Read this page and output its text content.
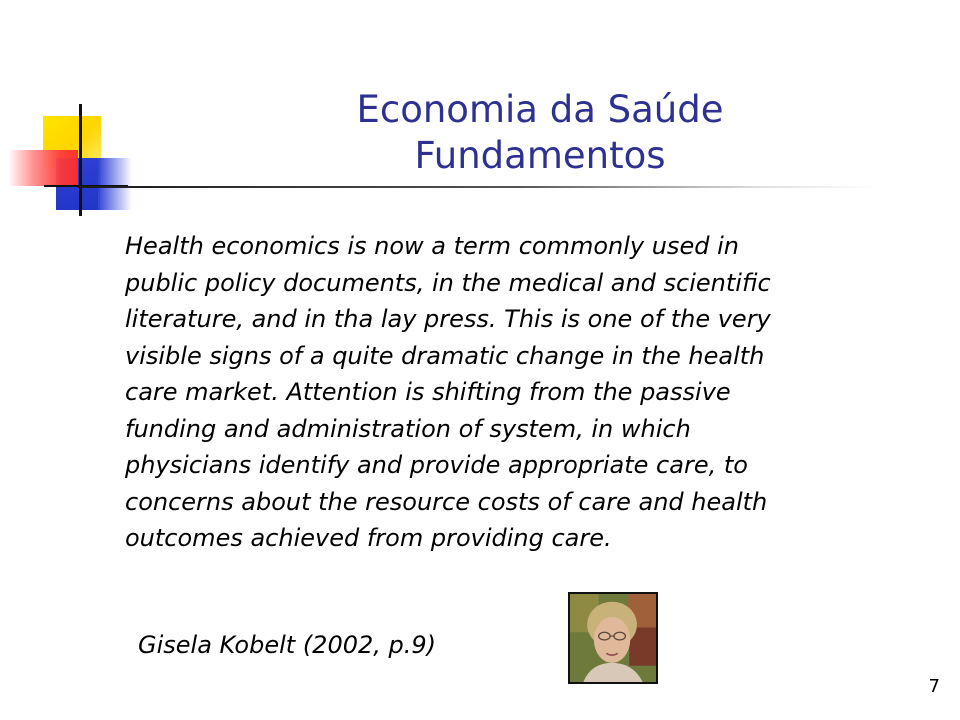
Economia da Saúde
Fundamentos

Health economics is now a term commonly used in
public policy documents, in the medical and scientific
literature, and in tha lay press. This is one of the very
visible signs of a quite dramatic change in the health
care market. Attention is shifting from the passive
funding and administration of system, in which
physicians identify and provide appropriate care, to
concerns about the resource costs of care and health
outcomes achieved from providing care.

Gisela Kobelt (2002, p.9)
7
